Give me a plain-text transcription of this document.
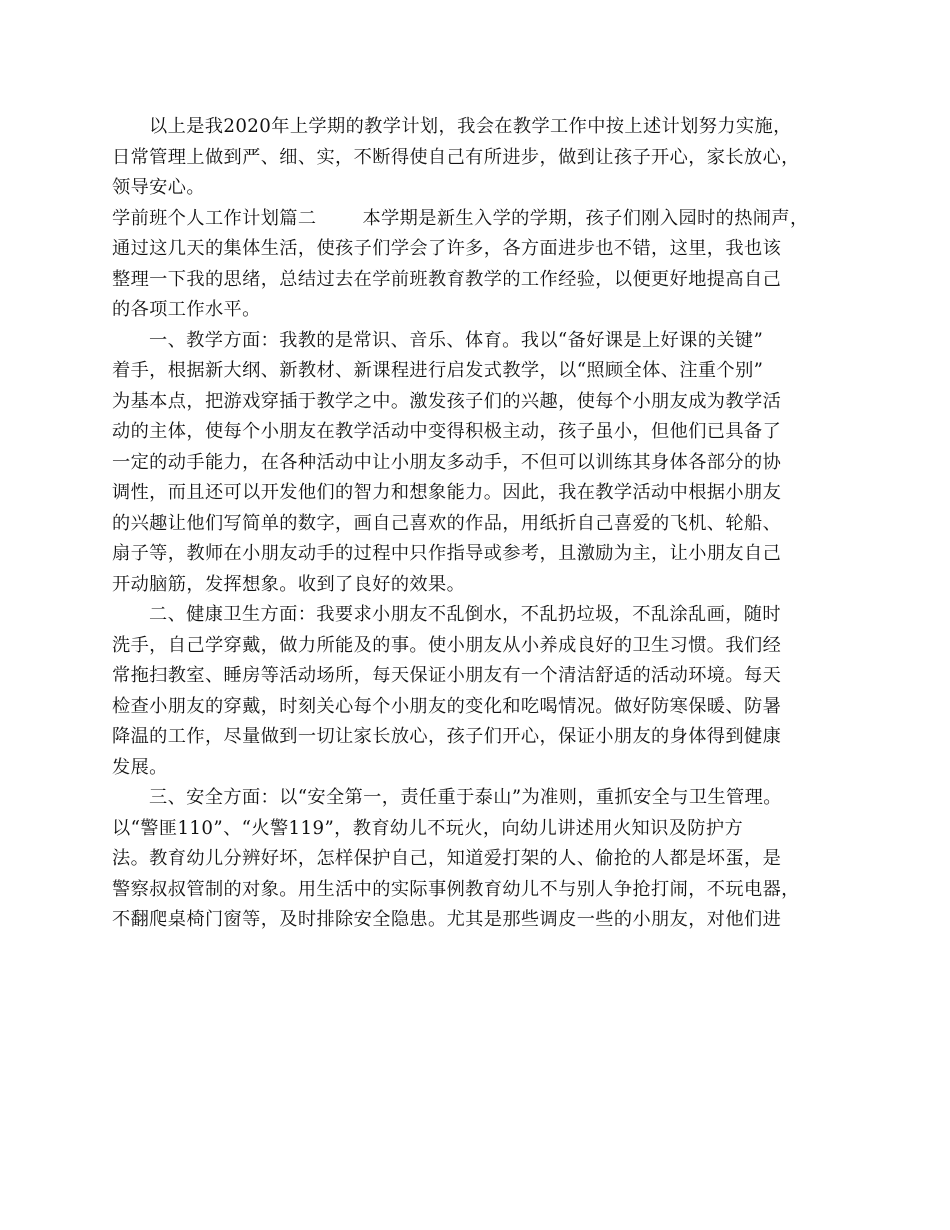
以上是我2020年上学期的教学计划，我会在教学工作中按上述计划努力实施，
日常管理上做到严、细、实，不断得使自己有所进步，做到让孩子开心，家长放心，
领导安心。
学前班个人工作计划篇二	本学期是新生入学的学期，孩子们刚入园时的热闹声，
通过这几天的集体生活，使孩子们学会了许多，各方面进步也不错，这里，我也该
整理一下我的思绪，总结过去在学前班教育教学的工作经验，以便更好地提高自己
的各项工作水平。
一、教学方面：我教的是常识、音乐、体育。我以“备好课是上好课的关键”
着手，根据新大纲、新教材、新课程进行启发式教学，以“照顾全体、注重个别”
为基本点，把游戏穿插于教学之中。激发孩子们的兴趣，使每个小朋友成为教学活
动的主体，使每个小朋友在教学活动中变得积极主动，孩子虽小，但他们已具备了
一定的动手能力，在各种活动中让小朋友多动手，不但可以训练其身体各部分的协
调性，而且还可以开发他们的智力和想象能力。因此，我在教学活动中根据小朋友
的兴趣让他们写简单的数字，画自己喜欢的作品，用纸折自己喜爱的飞机、轮船、
扇子等，教师在小朋友动手的过程中只作指导或参考，且激励为主，让小朋友自己
开动脑筋，发挥想象。收到了良好的效果。
二、健康卫生方面：我要求小朋友不乱倒水，不乱扔垃圾，不乱涂乱画，随时
洗手，自己学穿戴，做力所能及的事。使小朋友从小养成良好的卫生习惯。我们经
常拖扫教室、睡房等活动场所，每天保证小朋友有一个清洁舒适的活动环境。每天
检查小朋友的穿戴，时刻关心每个小朋友的变化和吃喝情况。做好防寒保暖、防暑
降温的工作，尽量做到一切让家长放心，孩子们开心，保证小朋友的身体得到健康
发展。
三、安全方面：以“安全第一，责任重于泰山”为准则，重抓安全与卫生管理。
以“警匪110”、“火警119”，教育幼儿不玩火，向幼儿讲述用火知识及防护方
法。教育幼儿分辨好坏，怎样保护自己，知道爱打架的人、偷抢的人都是坏蛋，是
警察叔叔管制的对象。用生活中的实际事例教育幼儿不与别人争抢打闹，不玩电器，
不翻爬桌椅门窗等，及时排除安全隐患。尤其是那些调皮一些的小朋友，对他们进
